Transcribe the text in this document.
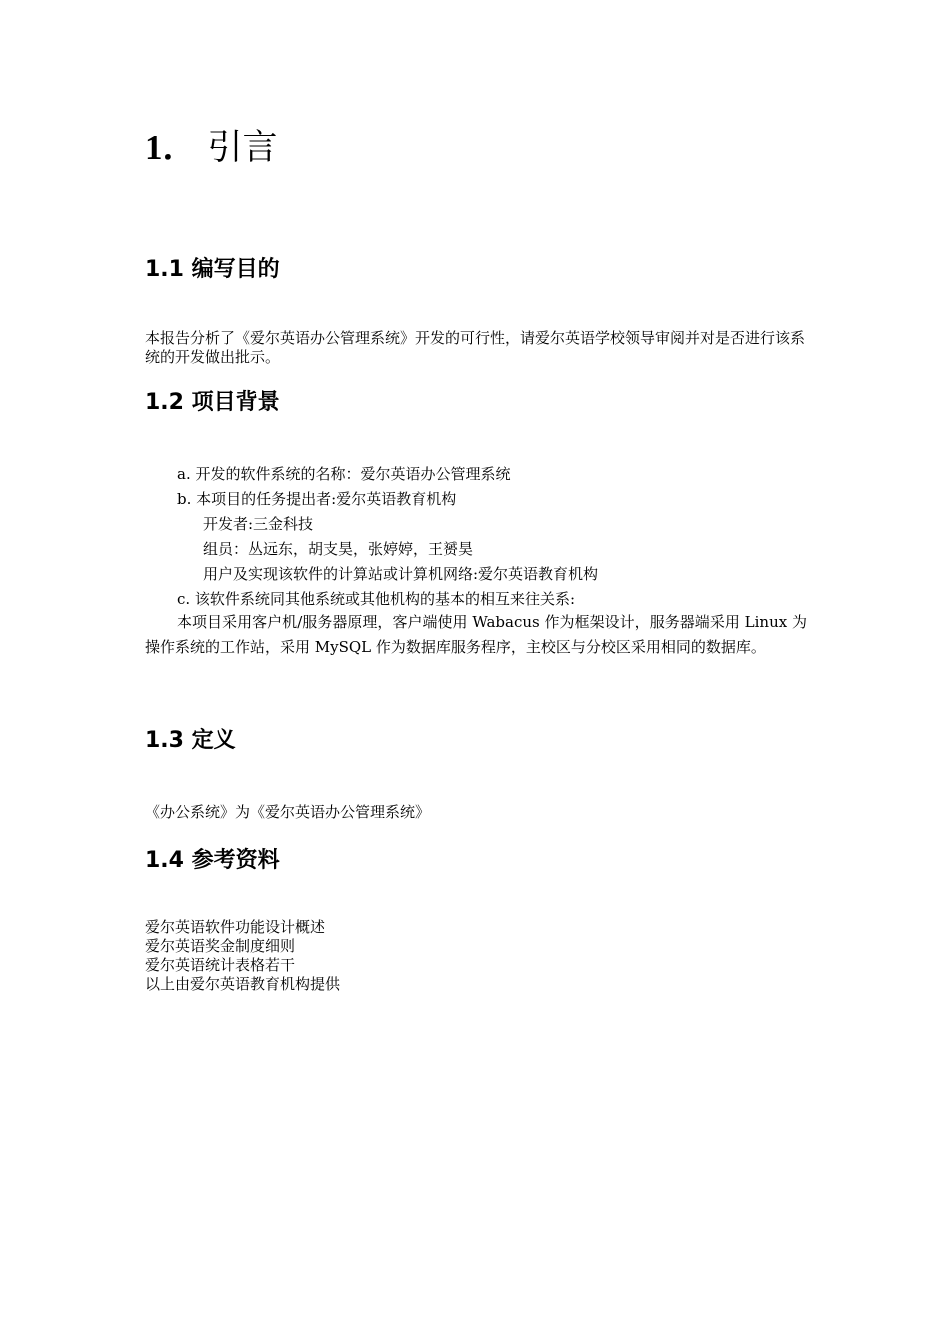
1． 引言
1.1 编写目的

本报告分析了《爱尔英语办公管理系统》开发的可行性，请爱尔英语学校领导审阅并对是否进行该系统的开发做出批示。

1.2 项目背景

a. 开发的软件系统的名称：爱尔英语办公管理系统

b. 本项目的任务提出者:爱尔英语教育机构

开发者:三金科技

组员：丛远东，胡支昊，张婷婷，王赟昊

用户及实现该软件的计算站或计算机网络:爱尔英语教育机构

c. 该软件系统同其他系统或其他机构的基本的相互来往关系:

本项目采用客户机/服务器原理，客户端使用 Wabacus 作为框架设计，服务器端采用 Linux 为操作系统的工作站，采用 MySQL 作为数据库服务程序，主校区与分校区采用相同的数据库。

1.3 定义

《办公系统》为《爱尔英语办公管理系统》

1.4 参考资料
爱尔英语软件功能设计概述
爱尔英语奖金制度细则
爱尔英语统计表格若干
以上由爱尔英语教育机构提供
